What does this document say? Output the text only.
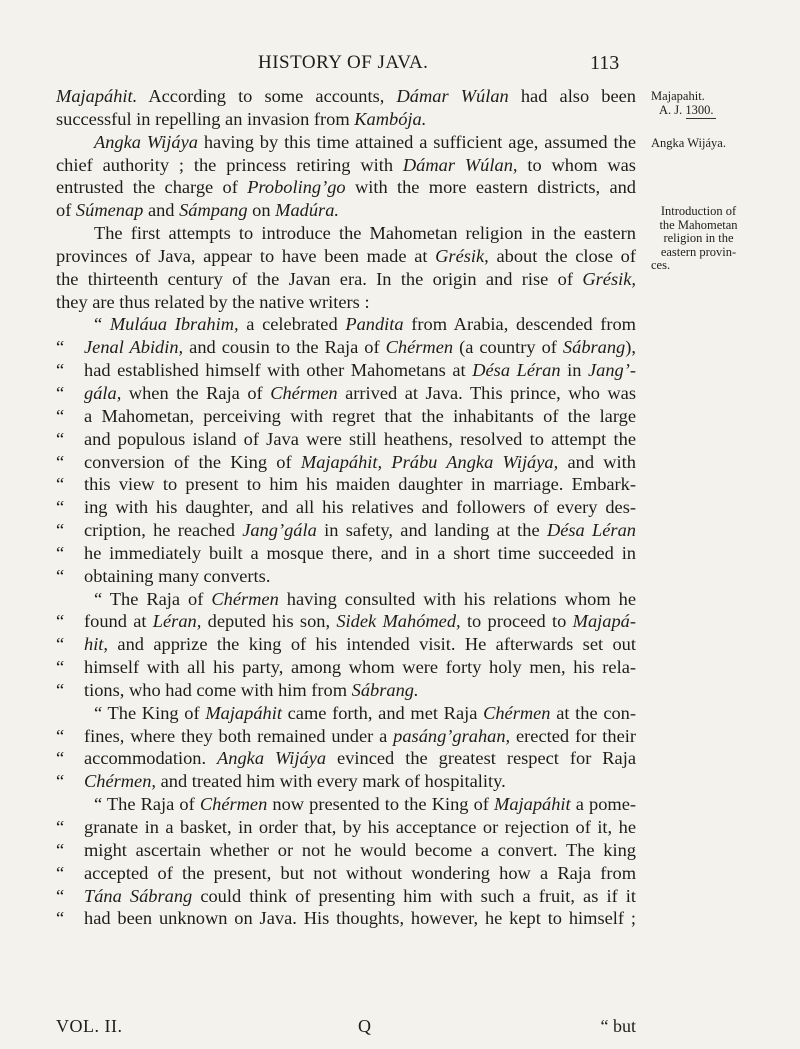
HISTORY OF JAVA.	113
Majapáhit. According to some accounts, Dámar Wúlan had also been
successful in repelling an invasion from Kambója.
Angka Wijáya having by this time attained a sufficient age, assumed the
chief authority ; the princess retiring with Dámar Wúlan, to whom was
entrusted the charge of Proboling’go with the more eastern districts, and
of Súmenap and Sámpang on Madúra.
The first attempts to introduce the Mahometan religion in the eastern
provinces of Java, appear to have been made at Grésik, about the close of
the thirteenth century of the Javan era. In the origin and rise of Grésik,
they are thus related by the native writers :
“ Muláua Ibrahim, a celebrated Pandita from Arabia, descended from
“	Jenal Abidin, and cousin to the Raja of Chérmen (a country of Sábrang),
“	had established himself with other Mahometans at Désa Léran in Jang’-
“	gála, when the Raja of Chérmen arrived at Java. This prince, who was
“	a Mahometan, perceiving with regret that the inhabitants of the large
“	and populous island of Java were still heathens, resolved to attempt the
“	conversion of the King of Majapáhit, Prábu Angka Wijáya, and with
“	this view to present to him his maiden daughter in marriage. Embark-
“	ing with his daughter, and all his relatives and followers of every des-
“	cription, he reached Jang’gála in safety, and landing at the Désa Léran
“	he immediately built a mosque there, and in a short time succeeded in
“	obtaining many converts.
“ The Raja of Chérmen having consulted with his relations whom he
“	found at Léran, deputed his son, Sidek Mahómed, to proceed to Majapá-
“	hit, and apprize the king of his intended visit. He afterwards set out
“	himself with all his party, among whom were forty holy men, his rela-
“	tions, who had come with him from Sábrang.
“ The King of Majapáhit came forth, and met Raja Chérmen at the con-
“	fines, where they both remained under a pasáng’grahan, erected for their
“	accommodation. Angka Wijáya evinced the greatest respect for Raja
“	Chérmen, and treated him with every mark of hospitality.
“ The Raja of Chérmen now presented to the King of Majapáhit a pome-
“	granate in a basket, in order that, by his acceptance or rejection of it, he
“	might ascertain whether or not he would become a convert. The king
“	accepted of the present, but not without wondering how a Raja from
“	Tána Sábrang could think of presenting him with such a fruit, as if it
“	had been unknown on Java. His thoughts, however, he kept to himself ;
Majapahit.
A. J. 1300.
Angka Wijáya.
Introduction of
the Mahometan
religion in the
eastern provin-
ces.
VOL. II.	Q	“ but
